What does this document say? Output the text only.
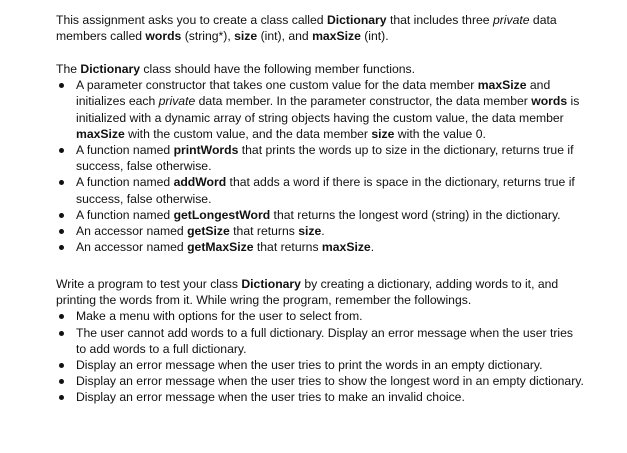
This assignment asks you to create a class called Dictionary that includes three private data members called words (string*), size (int), and maxSize (int).

The Dictionary class should have the following member functions.

A parameter constructor that takes one custom value for the data member maxSize and initializes each private data member. In the parameter constructor, the data member words is initialized with a dynamic array of string objects having the custom value, the data member maxSize with the custom value, and the data member size with the value 0.
A function named printWords that prints the words up to size in the dictionary, returns true if success, false otherwise.
A function named addWord that adds a word if there is space in the dictionary, returns true if success, false otherwise.
A function named getLongestWord that returns the longest word (string) in the dictionary.
An accessor named getSize that returns size.
An accessor named getMaxSize that returns maxSize.

Write a program to test your class Dictionary by creating a dictionary, adding words to it, and printing the words from it. While wring the program, remember the followings.

Make a menu with options for the user to select from.
The user cannot add words to a full dictionary. Display an error message when the user tries to add words to a full dictionary.
Display an error message when the user tries to print the words in an empty dictionary.
Display an error message when the user tries to show the longest word in an empty dictionary.
Display an error message when the user tries to make an invalid choice.
